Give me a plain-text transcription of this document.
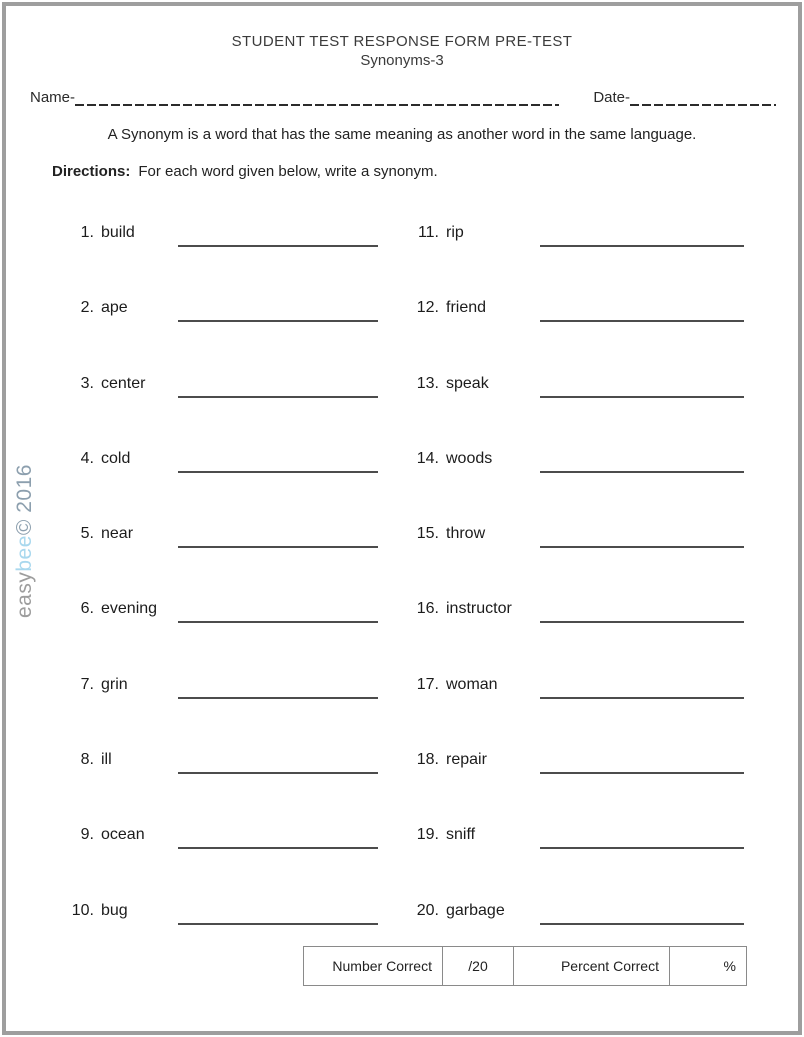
STUDENT TEST RESPONSE FORM PRE-TEST
Synonyms-3
Name-	Date-
A Synonym is a word that has the same meaning as another word in the same language.
Directions: For each word given below, write a synonym.
1. build	11. rip
2. ape	12. friend
3. center	13. speak
4. cold	14. woods
5. near	15. throw
6. evening	16. instructor
7. grin	17. woman
8. ill	18. repair
9. ocean	19. sniff
10. bug	20. garbage
easybee© 2016
Number Correct	/20	Percent Correct	%
